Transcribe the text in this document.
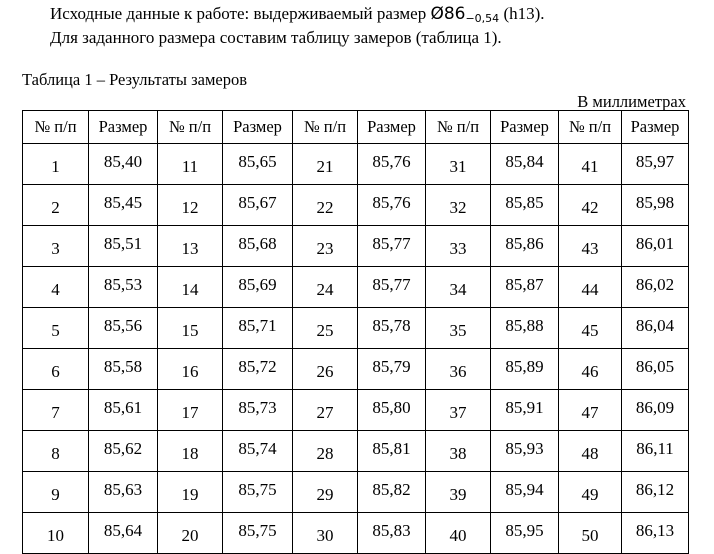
Исходные данные к работе: выдерживаемый размер $Ø86_{-0,54}$ (h13).
Для заданного размера составим таблицу замеров (таблица 1).
Таблица 1 – Результаты замеров
В миллиметрах
№ п/п	Размер	№ п/п	Размер	№ п/п	Размер	№ п/п	Размер	№ п/п	Размер
1	85,40	11	85,65	21	85,76	31	85,84	41	85,97
2	85,45	12	85,67	22	85,76	32	85,85	42	85,98
3	85,51	13	85,68	23	85,77	33	85,86	43	86,01
4	85,53	14	85,69	24	85,77	34	85,87	44	86,02
5	85,56	15	85,71	25	85,78	35	85,88	45	86,04
6	85,58	16	85,72	26	85,79	36	85,89	46	86,05
7	85,61	17	85,73	27	85,80	37	85,91	47	86,09
8	85,62	18	85,74	28	85,81	38	85,93	48	86,11
9	85,63	19	85,75	29	85,82	39	85,94	49	86,12
10	85,64	20	85,75	30	85,83	40	85,95	50	86,13
